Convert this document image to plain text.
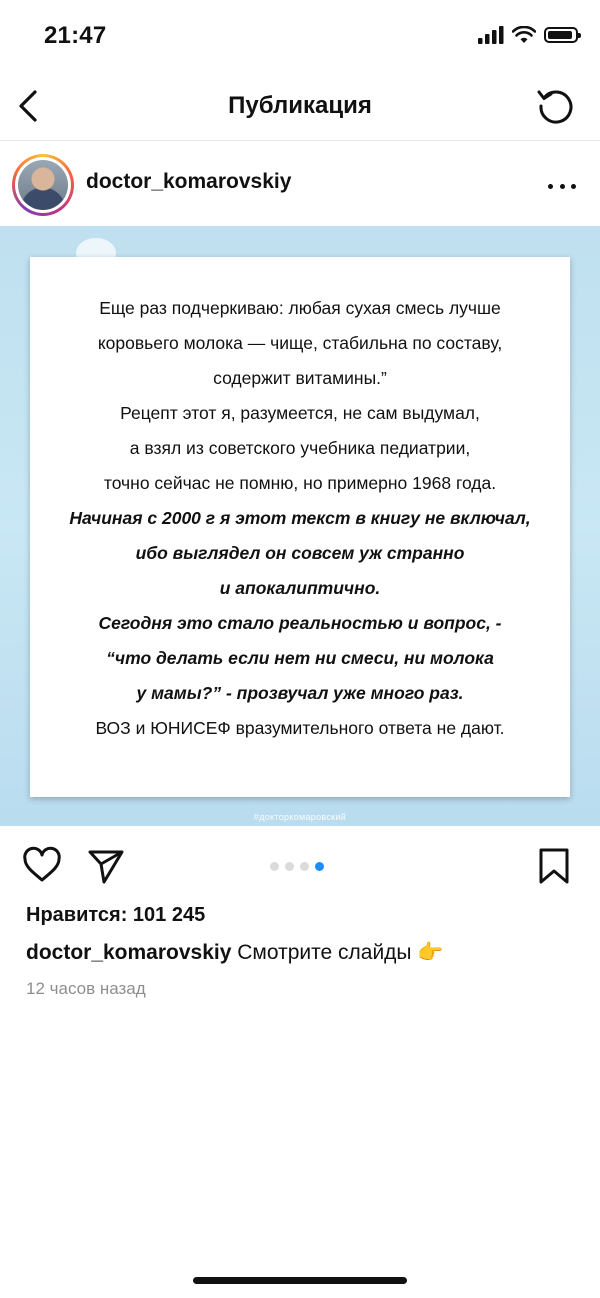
21:47
Публикация
doctor_komarovskiy

Еще раз подчеркиваю: любая сухая смесь лучше

коровьего молока — чище, стабильна по составу,

содержит витамины.”

Рецепт этот я, разумеется, не сам выдумал,

а взял из советского учебника педиатрии,

точно сейчас не помню, но примерно 1968 года.

Начиная с 2000 г я этот текст в книгу не включал,

ибо выглядел он совсем уж странно

и апокалиптично.

Сегодня это стало реальностью и вопрос, -

“что делать если нет ни смеси, ни молока

у мамы?” - прозвучал уже много раз.

ВОЗ и ЮНИСЕФ вразумительного ответа не дают.

#докторкомаровский
Нравится: 101 245
doctor_komarovskiy Смотрите слайды 👉
12 часов назад
